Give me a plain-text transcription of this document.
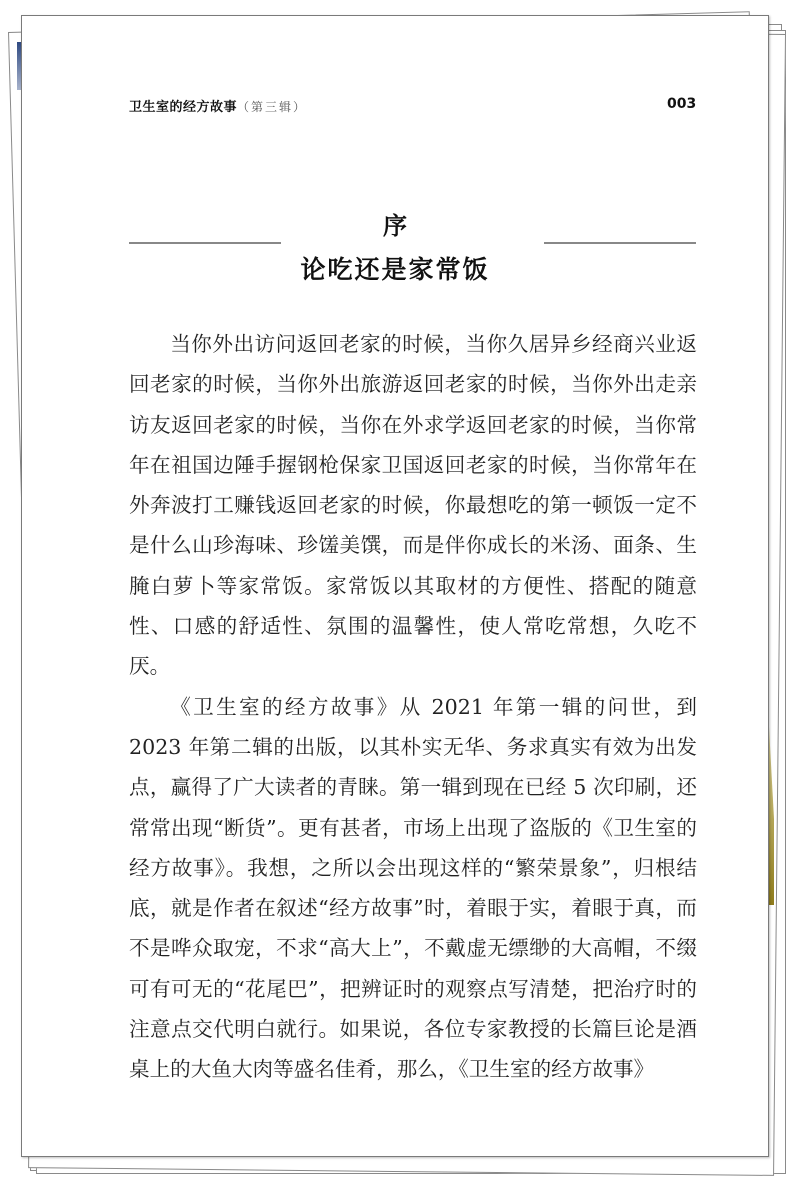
卫生室的经方故事（第三辑）	003
序
论吃还是家常饭

当你外出访问返回老家的时候，当你久居异乡经商兴业返回老家的时候，当你外出旅游返回老家的时候，当你外出走亲访友返回老家的时候，当你在外求学返回老家的时候，当你常年在祖国边陲手握钢枪保家卫国返回老家的时候，当你常年在外奔波打工赚钱返回老家的时候，你最想吃的第一顿饭一定不是什么山珍海味、珍馐美馔，而是伴你成长的米汤、面条、生腌白萝卜等家常饭。家常饭以其取材的方便性、搭配的随意性、口感的舒适性、氛围的温馨性，使人常吃常想，久吃不厌。

《卫生室的经方故事》从 2021 年第一辑的问世，到 2023 年第二辑的出版，以其朴实无华、务求真实有效为出发点，赢得了广大读者的青睐。第一辑到现在已经 5 次印刷，还常常出现“断货”。更有甚者，市场上出现了盗版的《卫生室的经方故事》。我想，之所以会出现这样的“繁荣景象”，归根结底，就是作者在叙述“经方故事”时，着眼于实，着眼于真，而不是哗众取宠，不求“高大上”，不戴虚无缥缈的大高帽，不缀可有可无的“花尾巴”，把辨证时的观察点写清楚，把治疗时的注意点交代明白就行。如果说，各位专家教授的长篇巨论是酒桌上的大鱼大肉等盛名佳肴，那么，《卫生室的经方故事》
